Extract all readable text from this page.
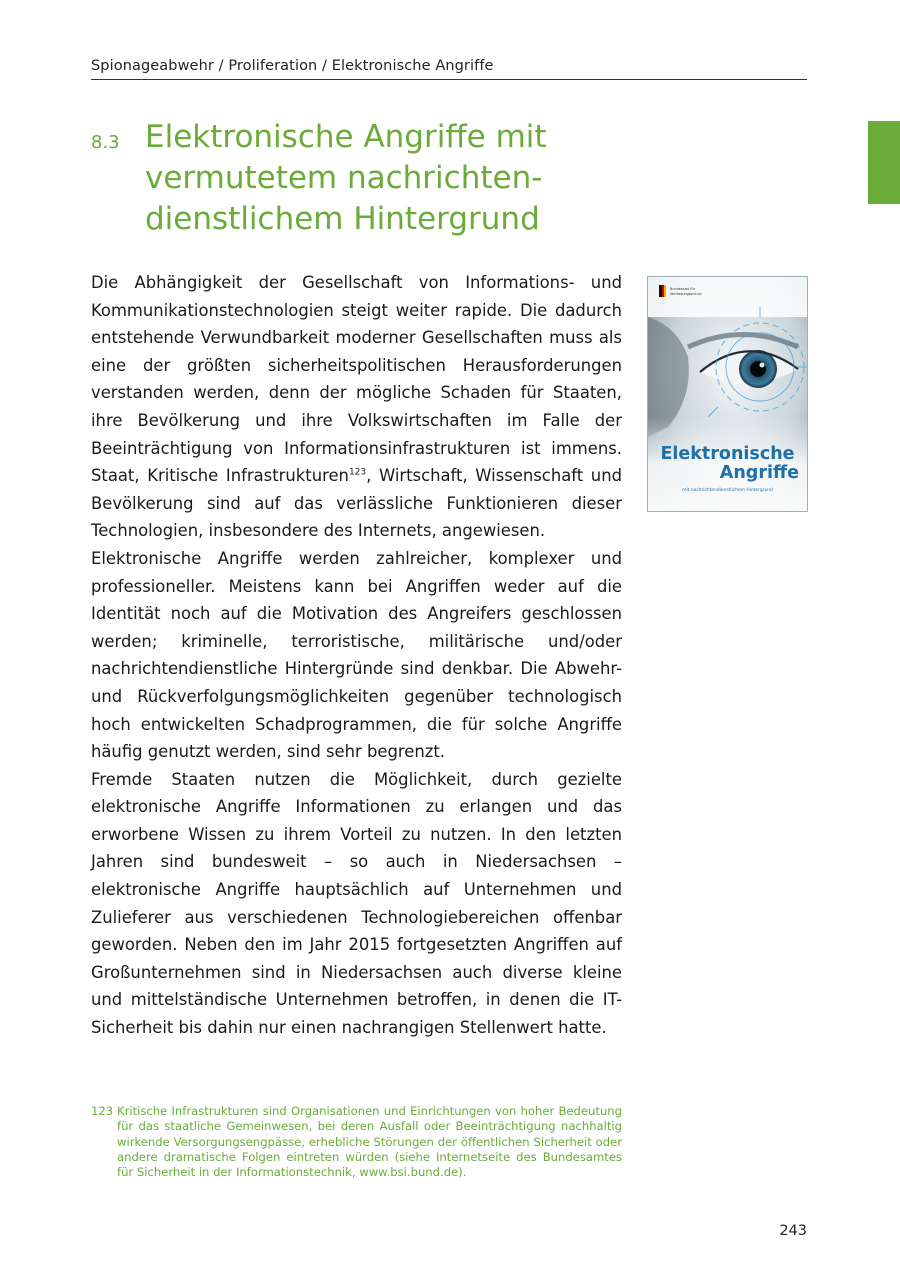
Spionageabwehr / Proliferation / Elektronische Angriffe
8.3 Elektronische Angriffe mit vermutetem nachrichten-dienstlichem Hintergrund

Die Abhängigkeit der Gesellschaft von Informations- und Kommunikationstechnologien steigt weiter rapide. Die dadurch entstehende Verwundbarkeit moderner Gesellschaften muss als eine der größten sicherheitspolitischen Herausforderungen verstanden werden, denn der mögliche Schaden für Staaten, ihre Bevölkerung und ihre Volkswirtschaften im Falle der Beeinträchtigung von Informationsinfrastrukturen ist immens. Staat, Kritische Infrastrukturen$^{123}$, Wirtschaft, Wissenschaft und Bevölkerung sind auf das verlässliche Funktionieren dieser Technologien, insbesondere des Internets, angewiesen.

Elektronische Angriffe werden zahlreicher, komplexer und professioneller. Meistens kann bei Angriffen weder auf die Identität noch auf die Motivation des Angreifers geschlossen werden; kriminelle, terroristische, militärische und/oder nachrichtendienstliche Hintergründe sind denkbar. Die Abwehr- und Rückverfolgungsmöglichkeiten gegenüber technologisch hoch entwickelten Schadprogrammen, die für solche Angriffe häufig genutzt werden, sind sehr begrenzt.

Fremde Staaten nutzen die Möglichkeit, durch gezielte elektronische Angriffe Informationen zu erlangen und das erworbene Wissen zu ihrem Vorteil zu nutzen. In den letzten Jahren sind bundesweit – so auch in Niedersachsen – elektronische Angriffe hauptsächlich auf Unternehmen und Zulieferer aus verschiedenen Technologiebereichen offenbar geworden. Neben den im Jahr 2015 fortgesetzten Angriffen auf Großunternehmen sind in Niedersachsen auch diverse kleine und mittelständische Unternehmen betroffen, in denen die IT-Sicherheit bis dahin nur einen nachrangigen Stellenwert hatte.

Bundesamt für
Verfassungsschutz
Elektronische
Angriffe
mit nachrichtendienstlichem Hintergrund
123 Kritische Infrastrukturen sind Organisationen und Einrichtungen von hoher Bedeutung für das staatliche Gemeinwesen, bei deren Ausfall oder Beeinträchtigung nachhaltig wirkende Versorgungsengpässe, erhebliche Störungen der öffentlichen Sicherheit oder andere dramatische Folgen eintreten würden (siehe Internetseite des Bundesamtes für Sicherheit in der Informationstechnik, www.bsi.bund.de).
243
